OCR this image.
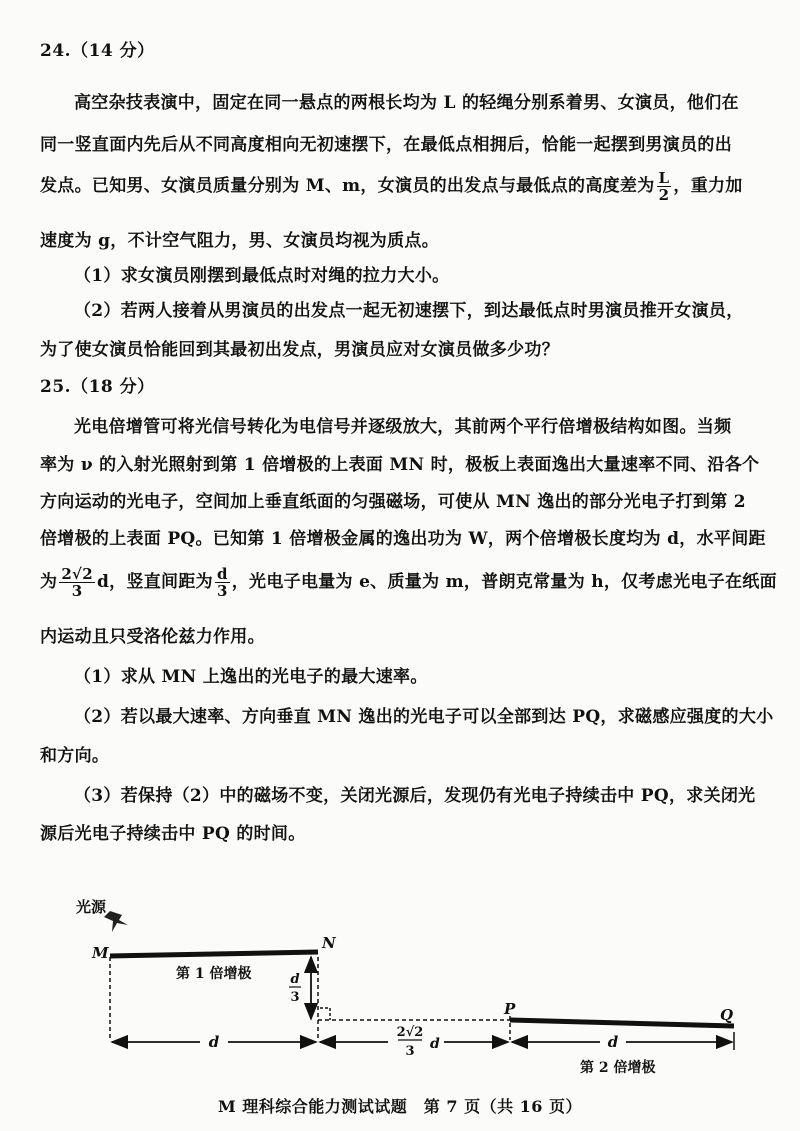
24.（14 分）
高空杂技表演中，固定在同一悬点的两根长均为 L 的轻绳分别系着男、女演员，他们在
同一竖直面内先后从不同高度相向无初速摆下，在最低点相拥后，恰能一起摆到男演员的出
发点。已知男、女演员质量分别为 M、m，女演员的出发点与最低点的高度差为 $\frac{L}{2}$ ，重力加
速度为 g，不计空气阻力，男、女演员均视为质点。
（1）求女演员刚摆到最低点时对绳的拉力大小。
（2）若两人接着从男演员的出发点一起无初速摆下，到达最低点时男演员推开女演员，
为了使女演员恰能回到其最初出发点，男演员应对女演员做多少功？
25.（18 分）
光电倍增管可将光信号转化为电信号并逐级放大，其前两个平行倍增极结构如图。当频
率为 ν 的入射光照射到第 1 倍增极的上表面 MN 时，极板上表面逸出大量速率不同、沿各个
方向运动的光电子，空间加上垂直纸面的匀强磁场，可使从 MN 逸出的部分光电子打到第 2
倍增极的上表面 PQ。已知第 1 倍增极金属的逸出功为 W，两个倍增极长度均为 d，水平间距
为 $\frac{2√2}{3}$ d，竖直间距为 $\frac{d}{3}$ ，光电子电量为 e、质量为 m，普朗克常量为 h，仅考虑光电子在纸面
内运动且只受洛伦兹力作用。
（1）求从 MN 上逸出的光电子的最大速率。
（2）若以最大速率、方向垂直 MN 逸出的光电子可以全部到达 PQ，求磁感应强度的大小
和方向。
（3）若保持（2）中的磁场不变，关闭光源后，发现仍有光电子持续击中 PQ，求关闭光
源后光电子持续击中 PQ 的时间。
光源
M
N
第 1 倍增极	d
3
P	Q
第 2 倍增极
d
2√2
3 d	d
M 理科综合能力测试试题　第 7 页（共 16 页）
